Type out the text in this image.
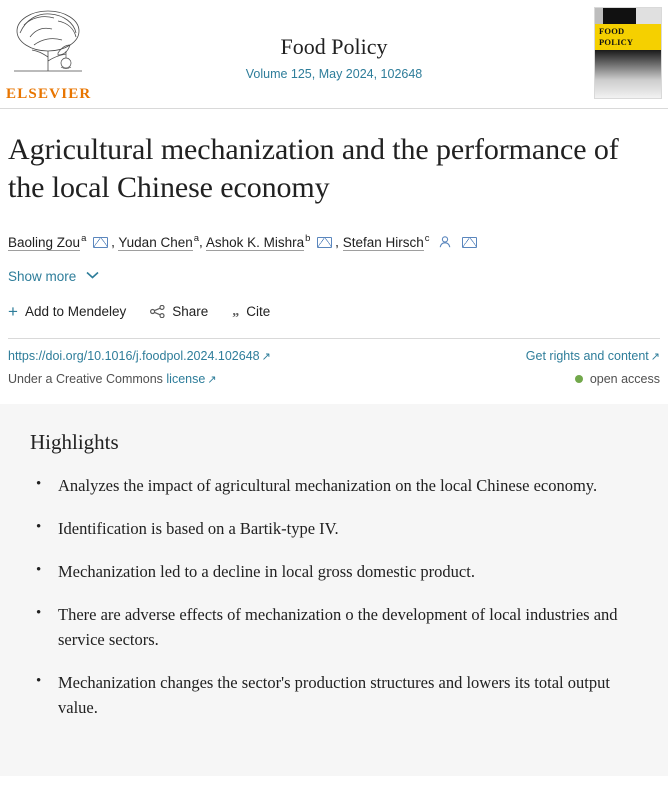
ELSEVIER
Food Policy
Volume 125, May 2024, 102648
FOOD
POLICY
Agricultural mechanization and the performance of the local Chinese economy
Baoling Zou$^a$ , Yudan Chen$^a$, Ashok K. Mishra$^b$ , Stefan Hirsch$^c$
Show more
+ Add to Mendeley	Share „ Cite
https://doi.org/10.1016/j.foodpol.2024.102648 ↗	Get rights and content ↗
Under a Creative Commons license ↗	open access
Highlights
• Analyzes the impact of agricultural mechanization on the local Chinese economy.
• Identification is based on a Bartik-type IV.
• Mechanization led to a decline in local gross domestic product.
• There are adverse effects of mechanization o the development of local industries and service sectors.
• Mechanization changes the sector's production structures and lowers its total output value.
